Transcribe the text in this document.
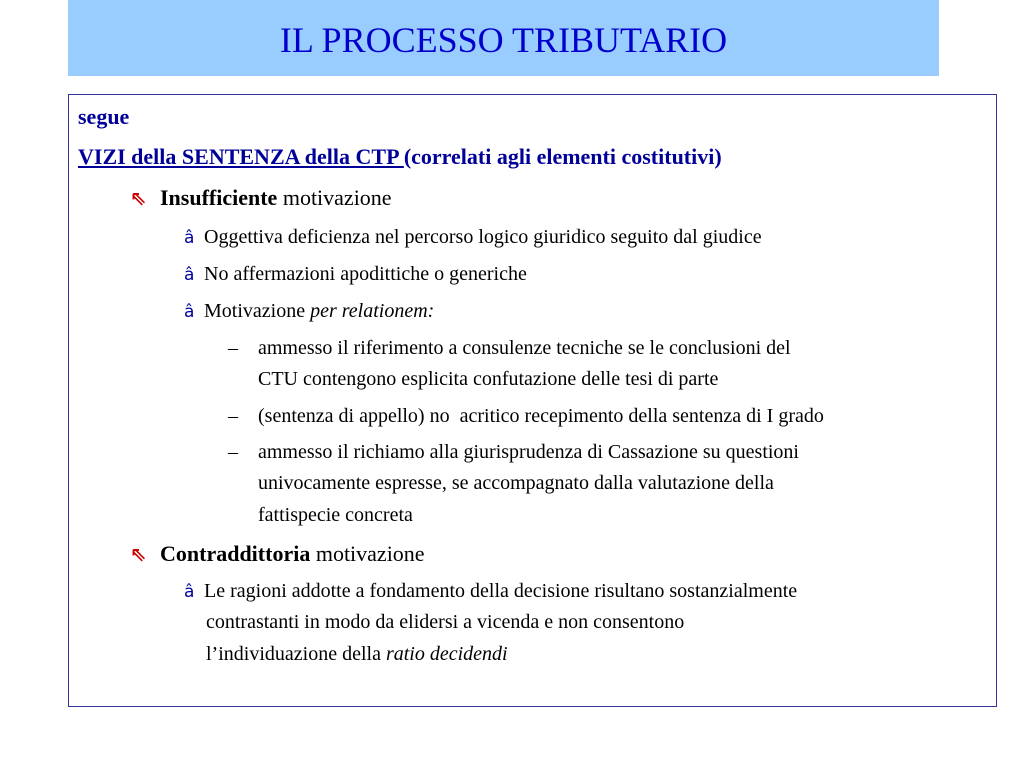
IL PROCESSO TRIBUTARIO
segue
VIZI della SENTENZA della CTP (correlati agli elementi costitutivi)
⇖ Insufficiente motivazione
â Oggettiva deficienza nel percorso logico giuridico seguito dal giudice
â No affermazioni apodittiche o generiche
â Motivazione per relationem:
–	ammesso il riferimento a consulenze tecniche se le conclusioni del
CTU contengono esplicita confutazione delle tesi di parte
–	(sentenza di appello) no  acritico recepimento della sentenza di I grado
–	ammesso il richiamo alla giurisprudenza di Cassazione su questioni
univocamente espresse, se accompagnato dalla valutazione della
fattispecie concreta
⇖ Contraddittoria motivazione
â Le ragioni addotte a fondamento della decisione risultano sostanzialmente
contrastanti in modo da elidersi a vicenda e non consentono
l’individuazione della ratio decidendi
